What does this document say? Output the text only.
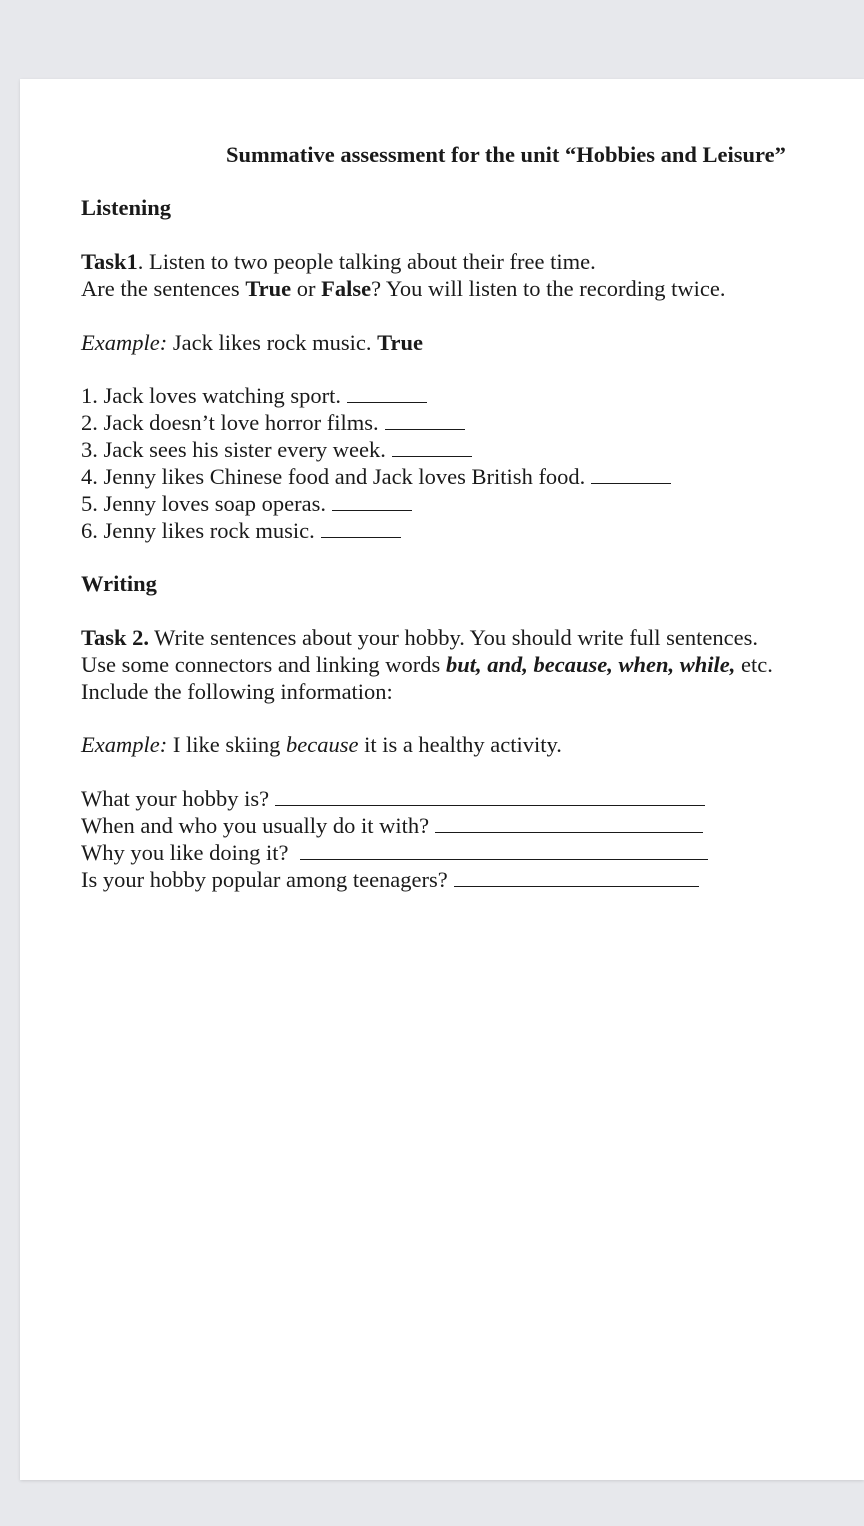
Summative assessment for the unit “Hobbies and Leisure”
Listening
Task1. Listen to two people talking about their free time.
Are the sentences True or False? You will listen to the recording twice.
Example: Jack likes rock music. True
1. Jack loves watching sport.
2. Jack doesn’t love horror films.
3. Jack sees his sister every week.
4. Jenny likes Chinese food and Jack loves British food.
5. Jenny loves soap operas.
6. Jenny likes rock music.
Writing
Task 2. Write sentences about your hobby. You should write full sentences.
Use some connectors and linking words but, and, because, when, while, etc.
Include the following information:
Example: I like skiing because it is a healthy activity.
What your hobby is?
When and who you usually do it with?
Why you like doing it?
Is your hobby popular among teenagers?
